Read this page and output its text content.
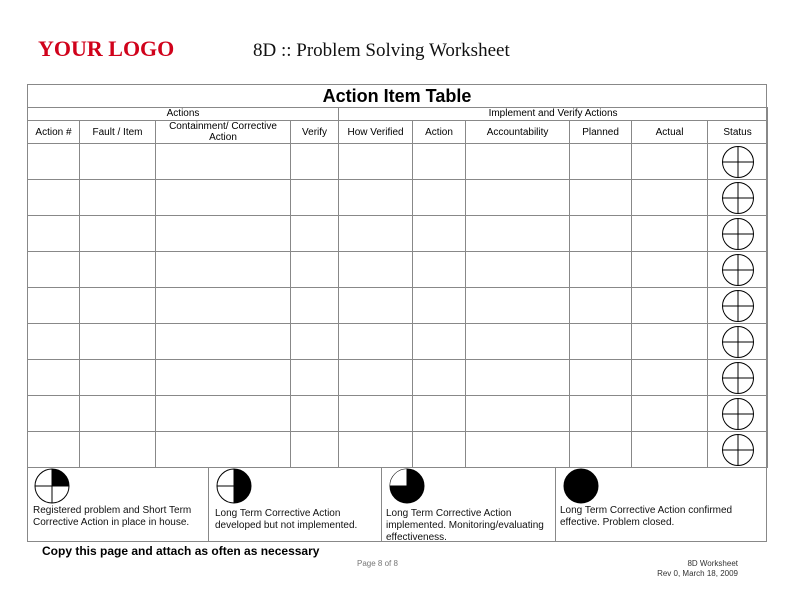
YOUR LOGO	8D :: Problem Solving Worksheet
Action Item Table
Actions				Implement and Verify Actions					
Action #	Fault / Item	Containment/ Corrective Action	Verify	How Verified	Action	Accountability	Planned	Actual	Status

Registered problem and Short Term Corrective Action in place in house.
Long Term Corrective Action developed but not implemented.
Long Term Corrective Action implemented. Monitoring/evaluating effectiveness.
Long Term Corrective Action confirmed effective. Problem closed.
Copy this page and attach as often as necessary
Page 8 of 8	8D Worksheet
Rev 0, March 18, 2009
